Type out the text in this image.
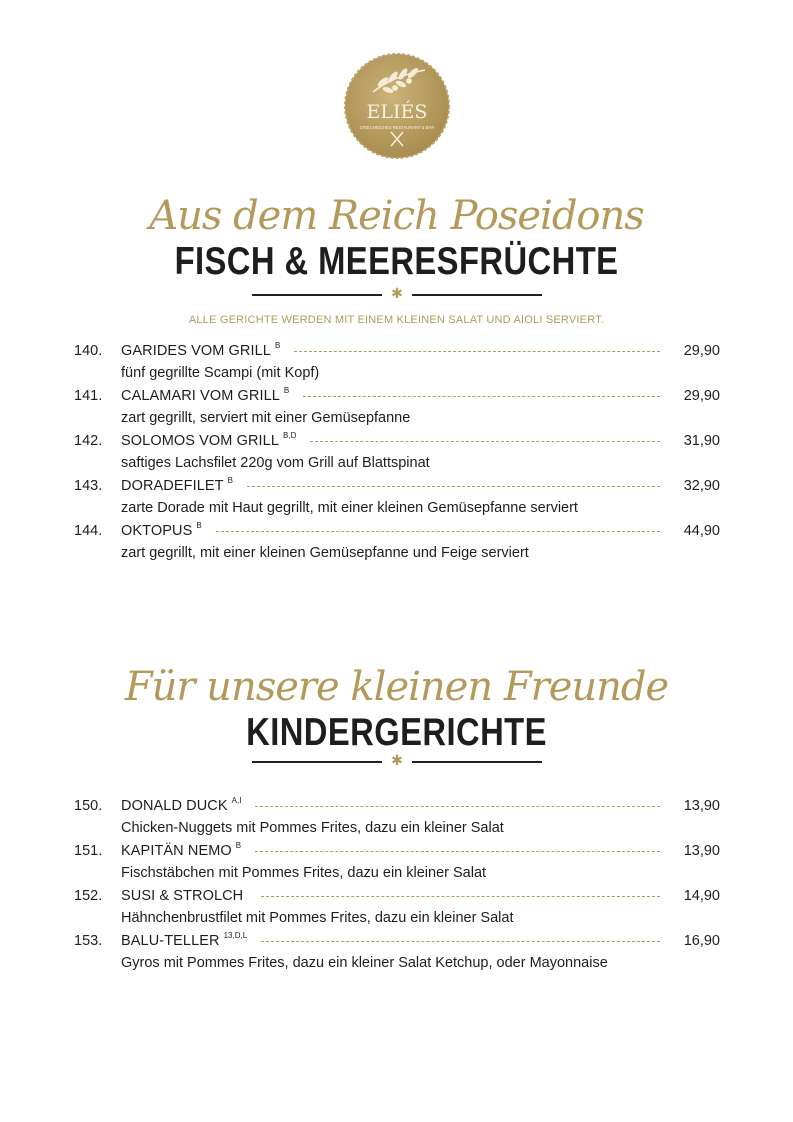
ELIÉS
GRIECHISCHES RESTAURANT & BAR
Aus dem Reich Poseidons
FISCH & MEERESFRÜCHTE
✱
ALLE GERICHTE WERDEN MIT EINEM KLEINEN SALAT UND AIOLI SERVIERT.
140. GARIDES VOM GRILL B	29,90
fünf gegrillte Scampi (mit Kopf)
141. CALAMARI VOM GRILL B	29,90
zart gegrillt, serviert mit einer Gemüsepfanne
142. SOLOMOS VOM GRILL B,D	31,90
saftiges Lachsfilet 220g vom Grill auf Blattspinat
143. DORADEFILET B	32,90
zarte Dorade mit Haut gegrillt, mit einer kleinen Gemüsepfanne serviert
144. OKTOPUS B	44,90
zart gegrillt, mit einer kleinen Gemüsepfanne und Feige serviert
Für unsere kleinen Freunde
KINDERGERICHTE
✱
150. DONALD DUCK A,I	13,90
Chicken-Nuggets mit Pommes Frites, dazu ein kleiner Salat
151. KAPITÄN NEMO B	13,90
Fischstäbchen mit Pommes Frites, dazu ein kleiner Salat
152. SUSI & STROLCH	14,90
Hähnchenbrustfilet mit Pommes Frites, dazu ein kleiner Salat
153. BALU-TELLER 13,D,L	16,90
Gyros mit Pommes Frites, dazu ein kleiner Salat Ketchup, oder Mayonnaise
